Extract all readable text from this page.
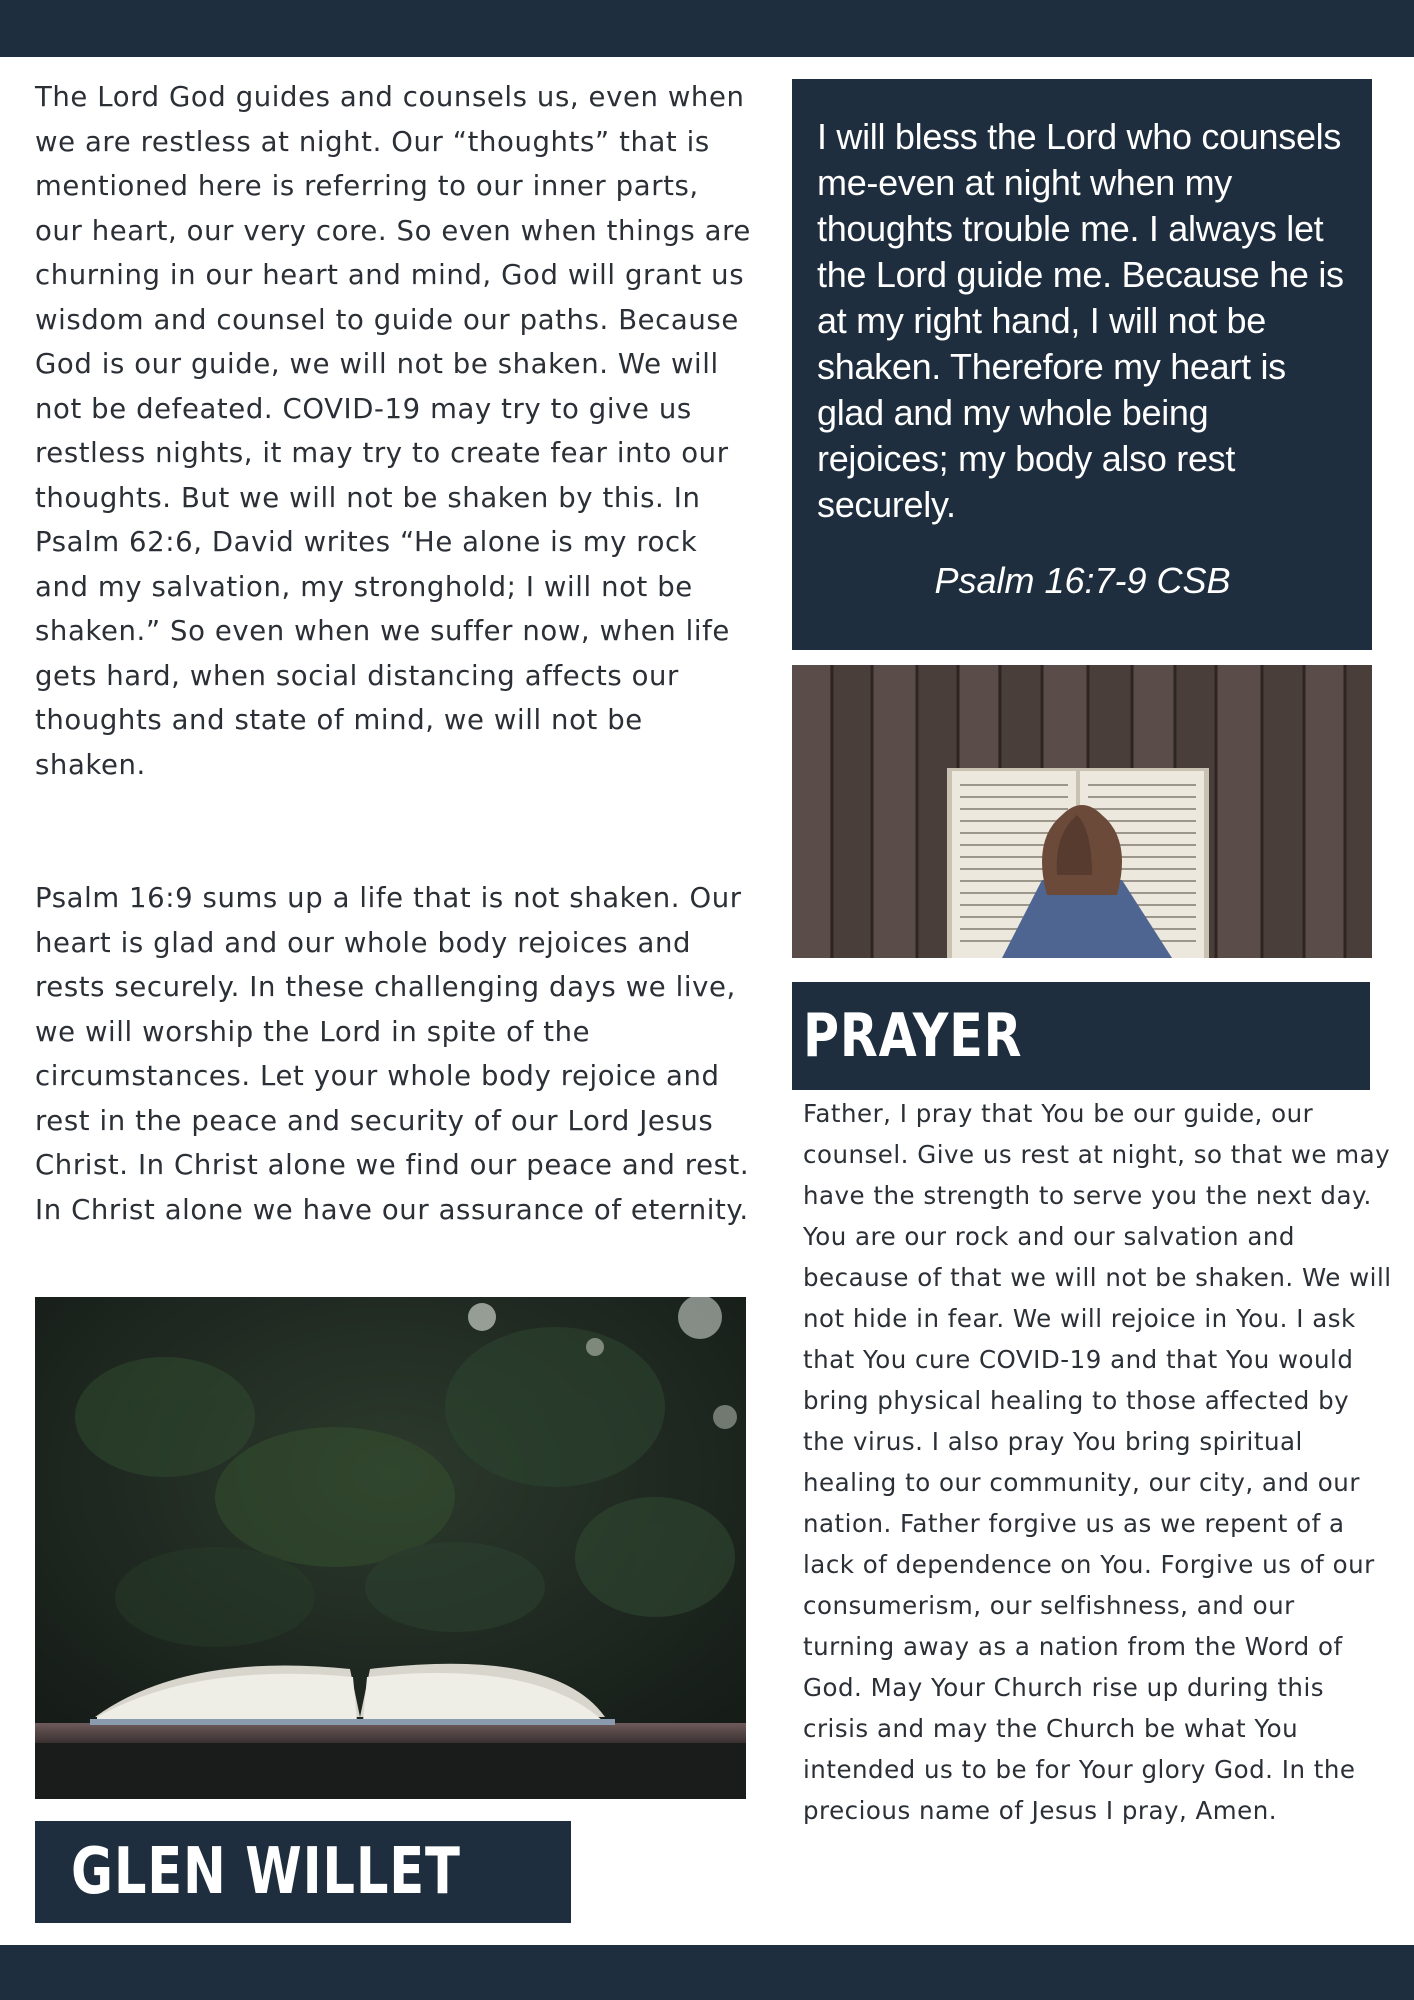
The Lord God guides and counsels us, even when we are restless at night. Our “thoughts” that is mentioned here is referring to our inner parts, our heart, our very core. So even when things are churning in our heart and mind, God will grant us wisdom and counsel to guide our paths. Because God is our guide, we will not be shaken. We will not be defeated. COVID-19 may try to give us restless nights, it may try to create fear into our thoughts. But we will not be shaken by this. In Psalm 62:6, David writes “He alone is my rock and my salvation, my stronghold; I will not be shaken.” So even when we suffer now, when life gets hard, when social distancing affects our thoughts and state of mind, we will not be shaken.

Psalm 16:9 sums up a life that is not shaken. Our heart is glad and our whole body rejoices and rests securely. In these challenging days we live, we will worship the Lord in spite of the circumstances. Let your whole body rejoice and rest in the peace and security of our Lord Jesus Christ. In Christ alone we find our peace and rest. In Christ alone we have our assurance of eternity.

GLEN WILLET

I will bless the Lord who counsels me-even at night when my thoughts trouble me. I always let the Lord guide me. Because he is at my right hand, I will not be shaken. Therefore my heart is glad and my whole being rejoices; my body also rest securely.

Psalm 16:7-9 CSB

PRAYER

Father, I pray that You be our guide, our counsel. Give us rest at night, so that we may have the strength to serve you the next day. You are our rock and our salvation and because of that we will not be shaken. We will not hide in fear. We will rejoice in You. I ask that You cure COVID-19 and that You would bring physical healing to those affected by the virus. I also pray You bring spiritual healing to our community, our city, and our nation. Father forgive us as we repent of a lack of dependence on You. Forgive us of our consumerism, our selfishness, and our turning away as a nation from the Word of God. May Your Church rise up during this crisis and may the Church be what You intended us to be for Your glory God. In the precious name of Jesus I pray, Amen.
